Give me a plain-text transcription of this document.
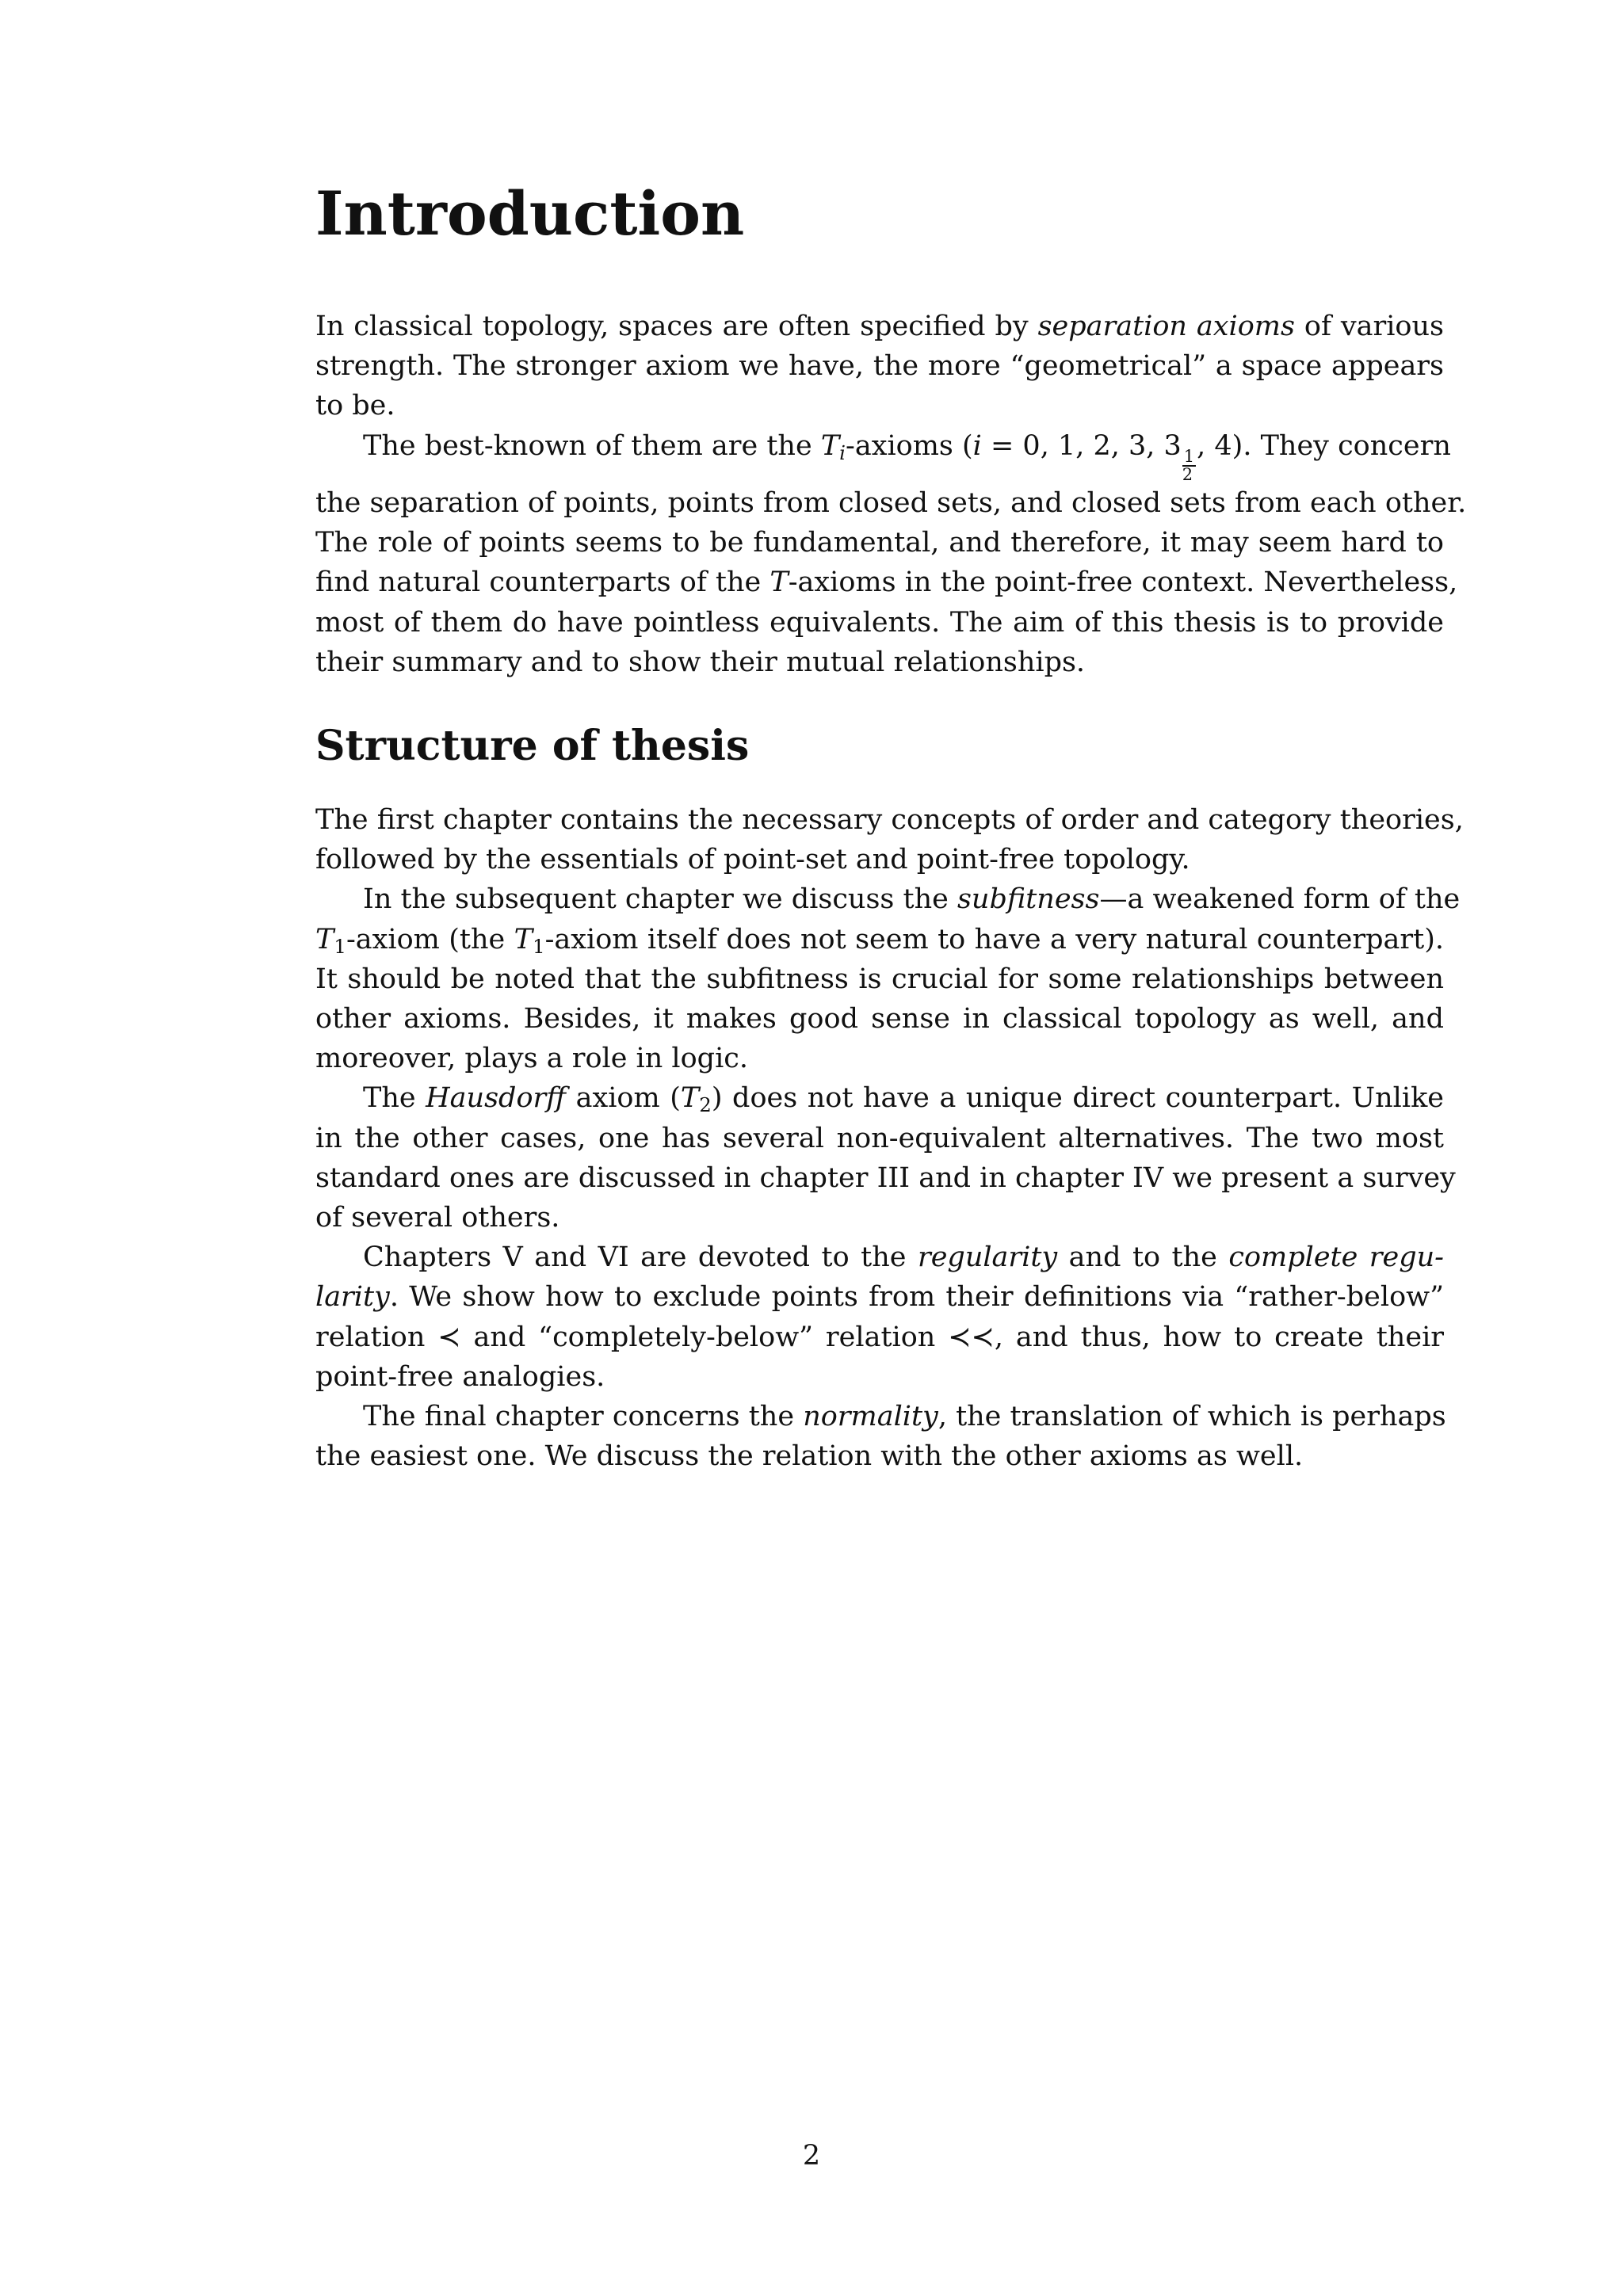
Introduction

In classical topology, spaces are often specified by separation axioms of various
strength. The stronger axiom we have, the more “geometrical” a space appears
to be.

The best-known of them are the $T_i$-axioms (i = 0, 1, 2, 3, 3
$\frac{1}{2}$
, 4). They concern
the separation of points, points from closed sets, and closed sets from each other.
The role of points seems to be fundamental, and therefore, it may seem hard to
find natural counterparts of the T-axioms in the point-free context. Nevertheless,
most of them do have pointless equivalents. The aim of this thesis is to provide
their summary and to show their mutual relationships.

Structure of thesis

The first chapter contains the necessary concepts of order and category theories,
followed by the essentials of point-set and point-free topology.

In the subsequent chapter we discuss the subfitness—a weakened form of the
$T_1$-axiom (the $T_1$-axiom itself does not seem to have a very natural counterpart).
It should be noted that the subfitness is crucial for some relationships between
other axioms. Besides, it makes good sense in classical topology as well, and
moreover, plays a role in logic.

The Hausdorff axiom $(T_2)$ does not have a unique direct counterpart. Unlike
in the other cases, one has several non-equivalent alternatives. The two most
standard ones are discussed in chapter III and in chapter IV we present a survey
of several others.

Chapters V and VI are devoted to the regularity and to the complete regu-
larity. We show how to exclude points from their definitions via “rather-below”
relation ≺ and “completely-below” relation ≺≺, and thus, how to create their
point-free analogies.

The final chapter concerns the normality, the translation of which is perhaps
the easiest one. We discuss the relation with the other axioms as well.

2
